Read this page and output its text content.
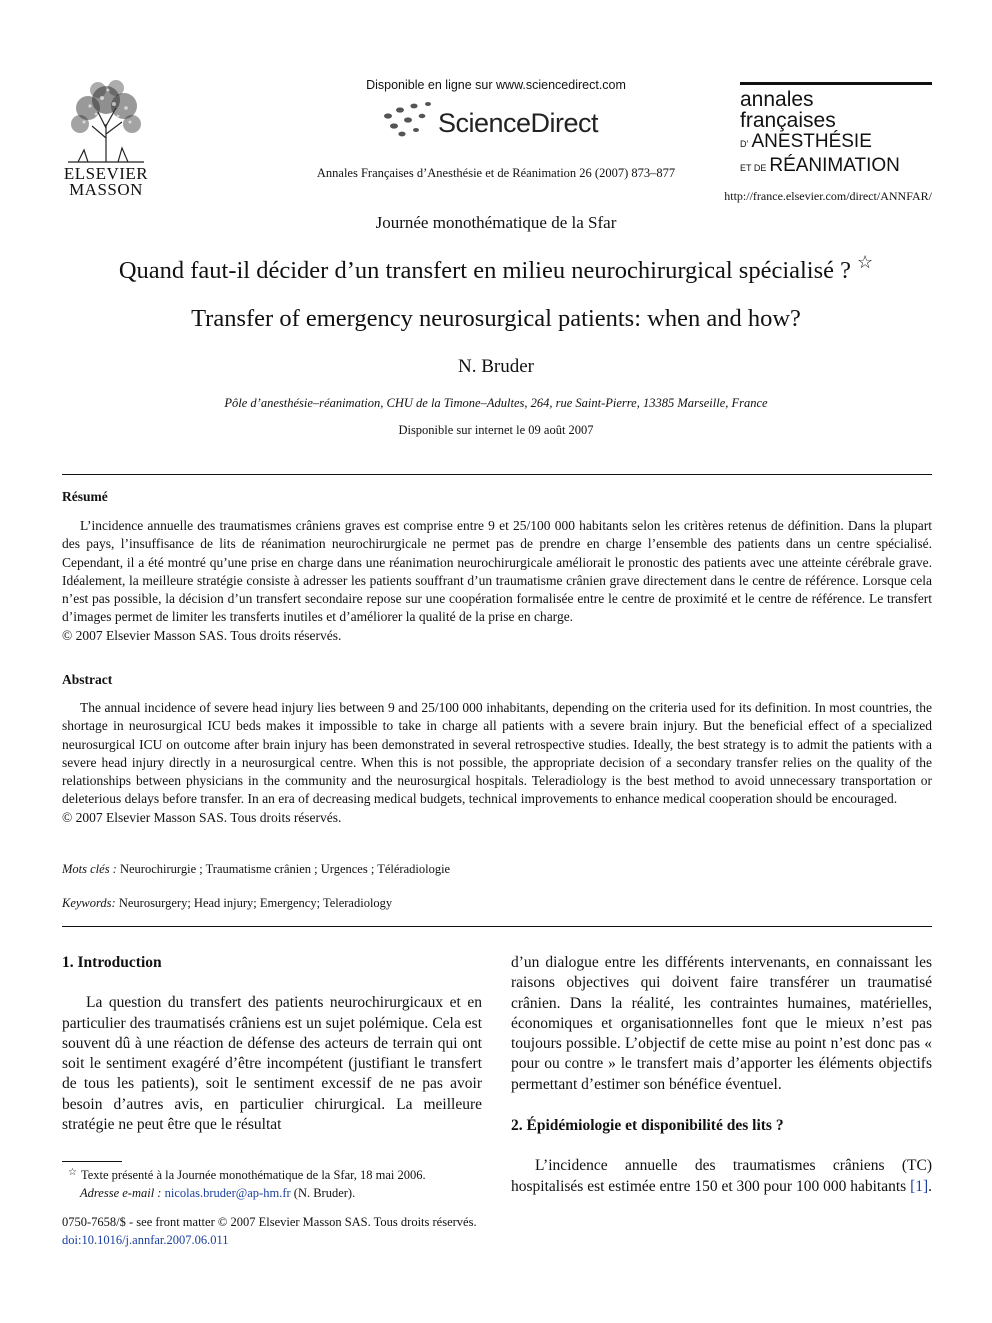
ELSEVIER
MASSON
Disponible en ligne sur www.sciencedirect.com
ScienceDirect
Annales Françaises d’Anesthésie et de Réanimation 26 (2007) 873–877
annales
françaises
D’ ANESTHÉSIE
ET DE RÉANIMATION
http://france.elsevier.com/direct/ANNFAR/
Journée monothématique de la Sfar
Quand faut-il décider d’un transfert en milieu neurochirurgical spécialisé ? ☆
Transfer of emergency neurosurgical patients: when and how?
N. Bruder
Pôle d’anesthésie–réanimation, CHU de la Timone–Adultes, 264, rue Saint-Pierre, 13385 Marseille, France
Disponible sur internet le 09 août 2007
Résumé

L’incidence annuelle des traumatismes crâniens graves est comprise entre 9 et 25/100 000 habitants selon les critères retenus de définition. Dans la plupart des pays, l’insuffisance de lits de réanimation neurochirurgicale ne permet pas de prendre en charge l’ensemble des patients dans un centre spécialisé. Cependant, il a été montré qu’une prise en charge dans une réanimation neurochirurgicale améliorait le pronostic des patients avec une atteinte cérébrale grave. Idéalement, la meilleure stratégie consiste à adresser les patients souffrant d’un traumatisme crânien grave directement dans le centre de référence. Lorsque cela n’est pas possible, la décision d’un transfert secondaire repose sur une coopération formalisée entre le centre de proximité et le centre de référence. Le transfert d’images permet de limiter les transferts inutiles et d’améliorer la qualité de la prise en charge.

© 2007 Elsevier Masson SAS. Tous droits réservés.

Abstract

The annual incidence of severe head injury lies between 9 and 25/100 000 inhabitants, depending on the criteria used for its definition. In most countries, the shortage in neurosurgical ICU beds makes it impossible to take in charge all patients with a severe brain injury. But the beneficial effect of a specialized neurosurgical ICU on outcome after brain injury has been demonstrated in several retrospective studies. Ideally, the best strategy is to admit the patients with a severe head injury directly in a neurosurgical centre. When this is not possible, the appropriate decision of a secondary transfer relies on the quality of the relationships between physicians in the community and the neurosurgical hospitals. Teleradiology is the best method to avoid unnecessary transportation or deleterious delays before transfer. In an era of decreasing medical budgets, technical improvements to enhance medical cooperation should be encouraged.

© 2007 Elsevier Masson SAS. Tous droits réservés.

Mots clés : Neurochirurgie ; Traumatisme crânien ; Urgences ; Téléradiologie
Keywords: Neurosurgery; Head injury; Emergency; Teleradiology
1. Introduction

La question du transfert des patients neurochirurgicaux et en particulier des traumatisés crâniens est un sujet polémique. Cela est souvent dû à une réaction de défense des acteurs de terrain qui ont soit le sentiment exagéré d’être incompétent (justifiant le transfert de tous les patients), soit le sentiment excessif de ne pas avoir besoin d’autres avis, en particulier chirurgical. La meilleure stratégie ne peut être que le résultat

d’un dialogue entre les différents intervenants, en connaissant les raisons objectives qui doivent faire transférer un traumatisé crânien. Dans la réalité, les contraintes humaines, matérielles, économiques et organisationnelles font que le mieux n’est pas toujours possible. L’objectif de cette mise au point n’est donc pas « pour ou contre » le transfert mais d’apporter les éléments objectifs permettant d’estimer son bénéfice éventuel.

2. Épidémiologie et disponibilité des lits ?

L’incidence annuelle des traumatismes crâniens (TC) hospitalisés est estimée entre 150 et 300 pour 100 000 habitants [1].

☆ Texte présenté à la Journée monothématique de la Sfar, 18 mai 2006.
Adresse e-mail : nicolas.bruder@ap-hm.fr (N. Bruder).
0750-7658/$ - see front matter © 2007 Elsevier Masson SAS. Tous droits réservés.
doi:10.1016/j.annfar.2007.06.011
